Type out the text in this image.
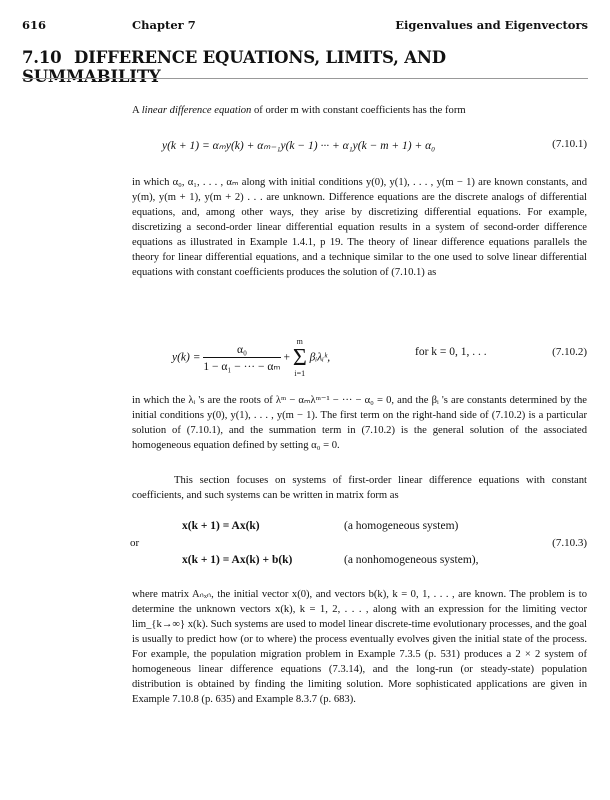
616	Chapter 7	Eigenvalues and Eigenvectors
7.10 DIFFERENCE EQUATIONS, LIMITS, AND SUMMABILITY
A linear difference equation of order m with constant coefficients has the form
y(k + 1) = αₘy(k) + αₘ₋₁y(k − 1) ··· + α₁y(k − m + 1) + α₀	(7.10.1)
in which α₀, α₁, . . . , αₘ along with initial conditions y(0), y(1), . . . , y(m − 1) are known constants, and y(m), y(m + 1), y(m + 2) . . . are unknown. Difference equations are the discrete analogs of differential equations, and, among other ways, they arise by discretizing differential equations. For example, discretizing a second-order linear differential equation results in a system of second-order difference equations as illustrated in Example 1.4.1, p 19. The theory of linear difference equations parallels the theory for linear differential equations, and a technique similar to the one used to solve linear differential equations with constant coefficients produces the solution of (7.10.1) as
$y(k) = \frac{\text{α₀}}{\text{1 − α₁ − ··· − αₘ}}$ +
m
Σ
i=1
βᵢλᵢᵏ,	for k = 0, 1, . . .	(7.10.2)
in which the λᵢ 's are the roots of λᵐ − αₘλᵐ⁻¹ − ··· − α₀ = 0, and the βᵢ 's are constants determined by the initial conditions y(0), y(1), . . . , y(m − 1). The first term on the right-hand side of (7.10.2) is a particular solution of (7.10.1), and the summation term in (7.10.2) is the general solution of the associated homogeneous equation defined by setting α₀ = 0.
This section focuses on systems of first-order linear difference equations with constant coefficients, and such systems can be written in matrix form as
x(k + 1) = Ax(k)	(a homogeneous system)
x(k + 1) = Ax(k) + b(k)	(a nonhomogeneous system),
(7.10.3)
or
where matrix Aₙₓₙ, the initial vector x(0), and vectors b(k), k = 0, 1, . . . , are known. The problem is to determine the unknown vectors x(k), k = 1, 2, . . . , along with an expression for the limiting vector lim_{k→∞} x(k). Such systems are used to model linear discrete-time evolutionary processes, and the goal is usually to predict how (or to where) the process eventually evolves given the initial state of the process. For example, the population migration problem in Example 7.3.5 (p. 531) produces a 2 × 2 system of homogeneous linear difference equations (7.3.14), and the long-run (or steady-state) population distribution is obtained by finding the limiting solution. More sophisticated applications are given in Example 7.10.8 (p. 635) and Example 8.3.7 (p. 683).
